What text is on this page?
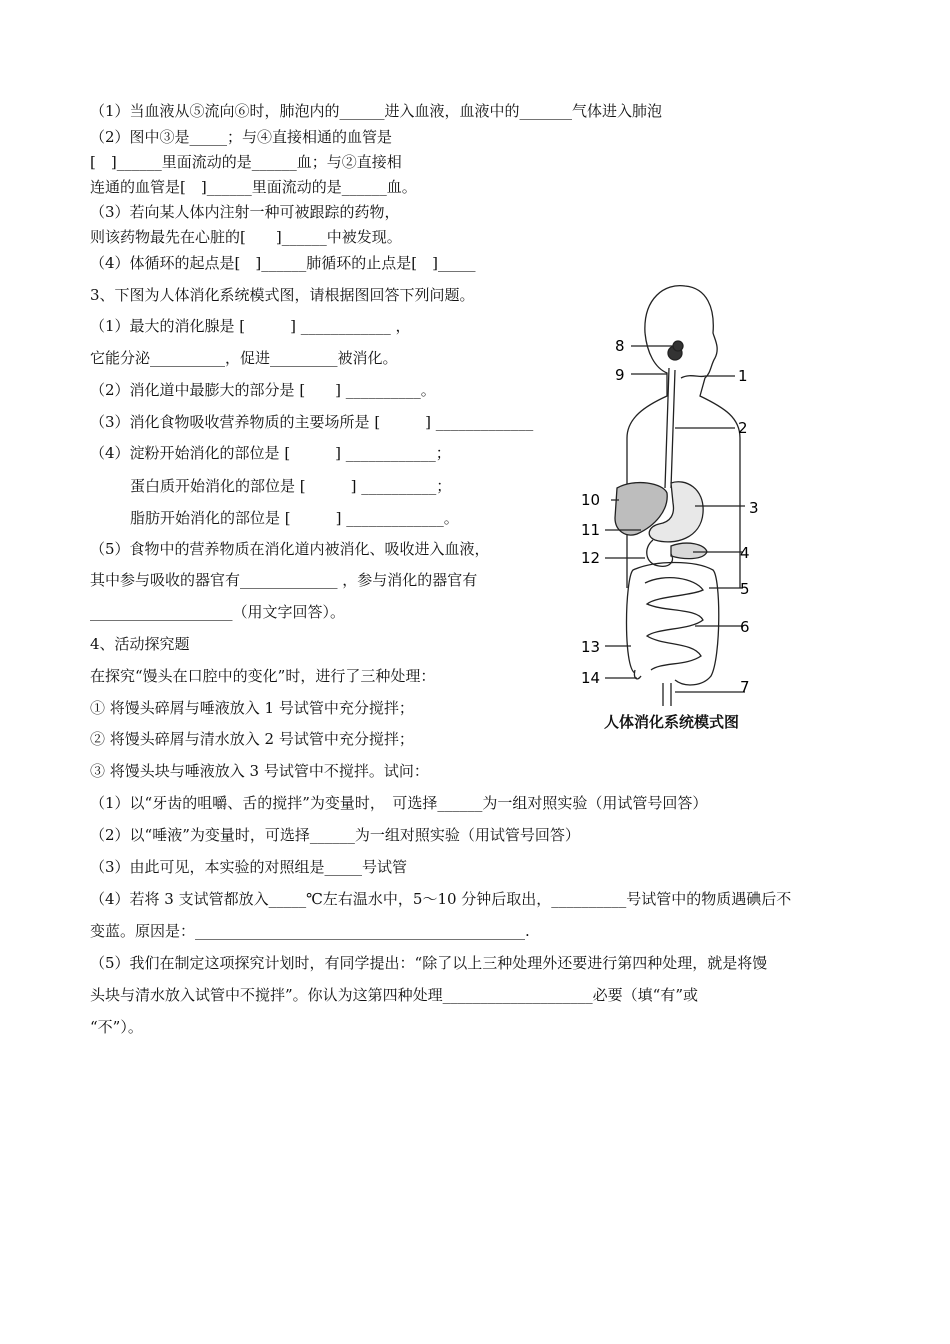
（1）当血液从⑤流向⑥时，肺泡内的______进入血液，血液中的_______气体进入肺泡
（2）图中③是_____；与④直接相通的血管是
[　]______里面流动的是______血；与②直接相
连通的血管是[　]______里面流动的是______血。
（3）若向某人体内注射一种可被跟踪的药物，
则该药物最先在心脏的[　　]______中被发现。
（4）体循环的起点是[　]______肺循环的止点是[　]_____
3、下图为人体消化系统模式图，请根据图回答下列问题。
（1）最大的消化腺是 [　　　] ____________ ，
它能分泌__________，促进_________被消化。
（2）消化道中最膨大的部分是 [　　] __________。
（3）消化食物吸收营养物质的主要场所是 [　　　] _____________
（4）淀粉开始消化的部位是 [　　　] ____________；
蛋白质开始消化的部位是 [　　　] __________；
脂肪开始消化的部位是 [　　　] _____________。
（5）食物中的营养物质在消化道内被消化、吸收进入血液，
其中参与吸收的器官有_____________ ，参与消化的器官有
___________________（用文字回答）。
4、活动探究题
在探究“馒头在口腔中的变化”时，进行了三种处理：
① 将馒头碎屑与唾液放入 1 号试管中充分搅拌；
② 将馒头碎屑与清水放入 2 号试管中充分搅拌；
③ 将馒头块与唾液放入 3 号试管中不搅拌。试问：
（1）以“牙齿的咀嚼、舌的搅拌”为变量时，　可选择______为一组对照实验（用试管号回答）
（2）以“唾液”为变量时，可选择______为一组对照实验（用试管号回答）
（3）由此可见，本实验的对照组是_____号试管
（4）若将 3 支试管都放入_____℃左右温水中，5～10 分钟后取出，__________号试管中的物质遇碘后不
变蓝。原因是：____________________________________________.
（5）我们在制定这项探究计划时，有同学提出：“除了以上三种处理外还要进行第四种处理，就是将馒
头块与清水放入试管中不搅拌”。你认为这第四种处理____________________必要（填“有”或
“不”）。
8
9	1
2
3
4
5
6
7
10
11
12
13
14
人体消化系统模式图
